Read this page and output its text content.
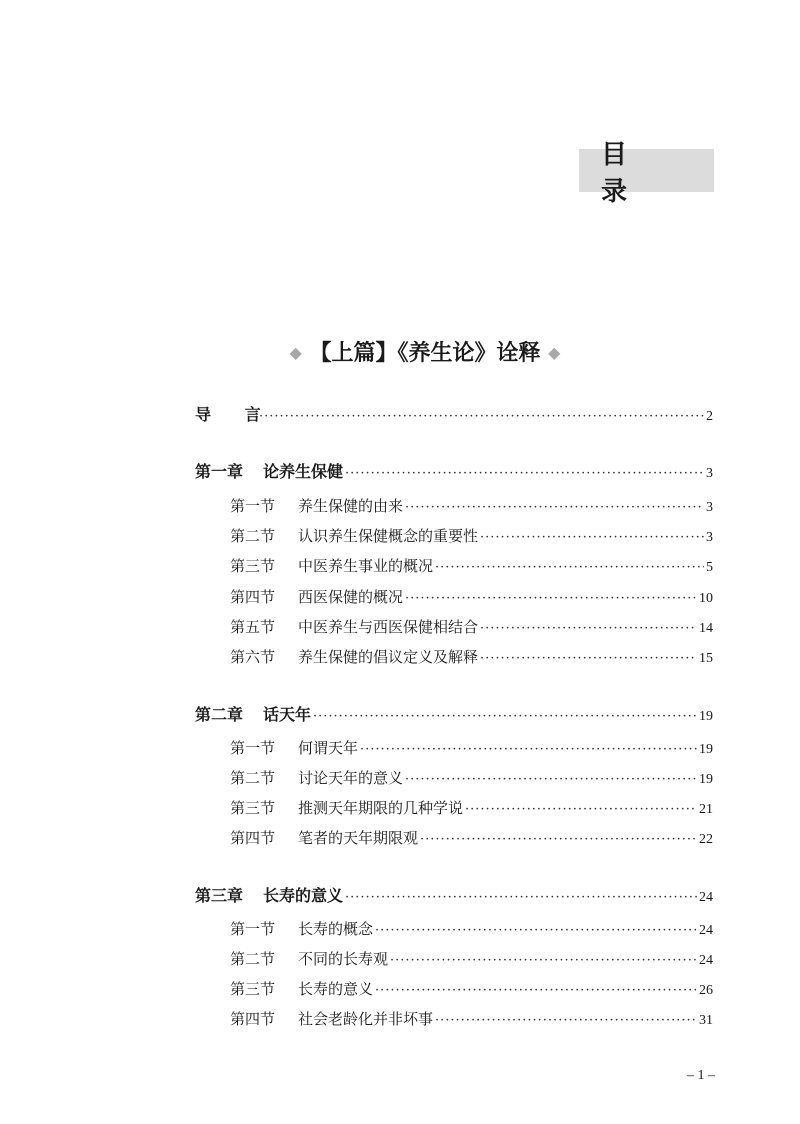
目 录
◆ 【上篇】《养生论》诠释 ◆
导 言 ·····	2
第一章	论养生保健 ·····	3
第一节	养生保健的由来 ·····	3
第二节	认识养生保健概念的重要性 ·····	3
第三节	中医养生事业的概况 ·····	5
第四节	西医保健的概况 ·····	10
第五节	中医养生与西医保健相结合 ·····	14
第六节	养生保健的倡议定义及解释 ·····	15
第二章	话天年 ·····	19
第一节	何谓天年 ·····	19
第二节	讨论天年的意义 ·····	19
第三节	推测天年期限的几种学说 ·····	21
第四节	笔者的天年期限观 ·····	22
第三章	长寿的意义 ·····	24
第一节	长寿的概念 ·····	24
第二节	不同的长寿观 ·····	24
第三节	长寿的意义 ·····	26
第四节	社会老龄化并非坏事 ·····	31
– 1 –
